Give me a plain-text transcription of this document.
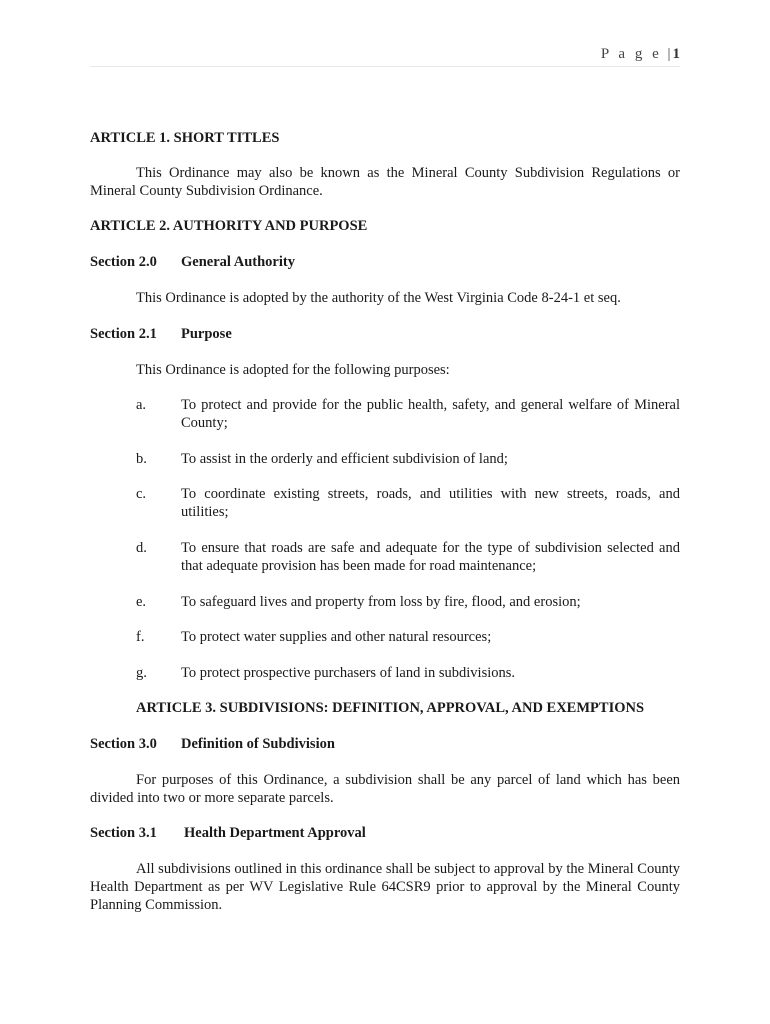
P a g e | 1

ARTICLE 1. SHORT TITLES

This Ordinance may also be known as the Mineral County Subdivision Regulations or Mineral County Subdivision Ordinance.

ARTICLE 2. AUTHORITY AND PURPOSE

Section 2.0	General Authority

This Ordinance is adopted by the authority of the West Virginia Code 8-24-1 et seq.

Section 2.1	Purpose

This Ordinance is adopted for the following purposes:

a.	To protect and provide for the public health, safety, and general welfare of Mineral County;
b.	To assist in the orderly and efficient subdivision of land;
c.	To coordinate existing streets, roads, and utilities with new streets, roads, and utilities;
d.	To ensure that roads are safe and adequate for the type of subdivision selected and that adequate provision has been made for road maintenance;
e.	To safeguard lives and property from loss by fire, flood, and erosion;
f.	To protect water supplies and other natural resources;
g.	To protect prospective purchasers of land in subdivisions.

ARTICLE 3. SUBDIVISIONS: DEFINITION, APPROVAL, AND EXEMPTIONS

Section 3.0	Definition of Subdivision

For purposes of this Ordinance, a subdivision shall be any parcel of land which has been divided into two or more separate parcels.

Section 3.1	Health Department Approval

All subdivisions outlined in this ordinance shall be subject to approval by the Mineral County Health Department as per WV Legislative Rule 64CSR9 prior to approval by the Mineral County Planning Commission.
